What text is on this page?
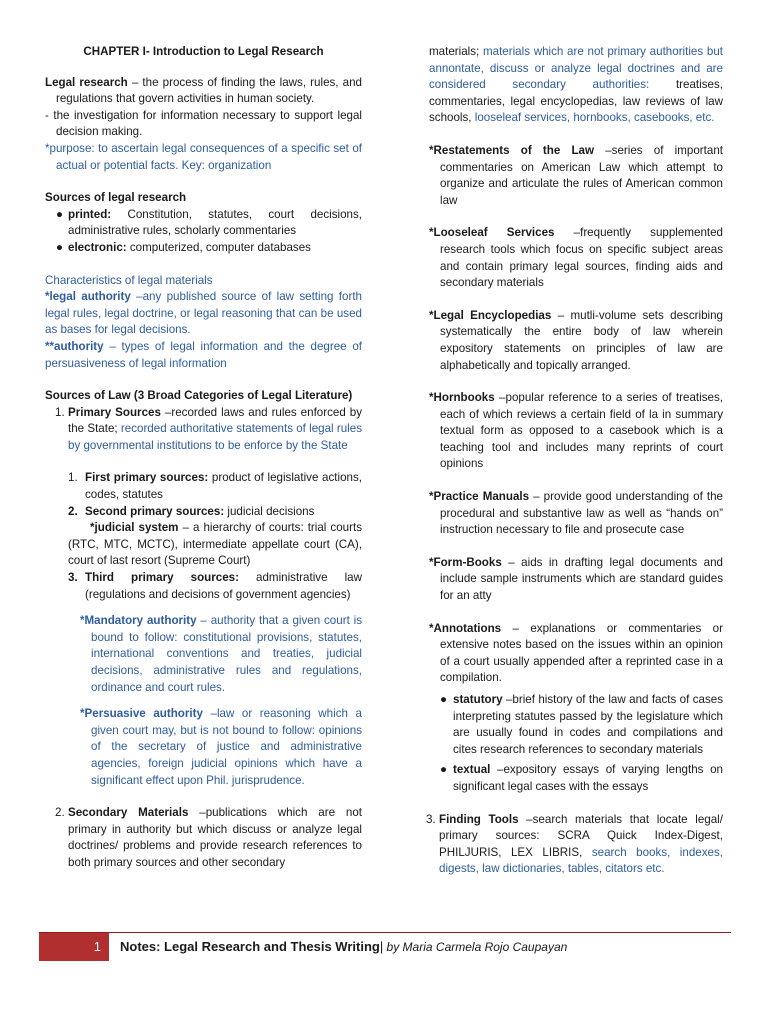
CHAPTER I- Introduction to Legal Research

Legal research – the process of finding the laws, rules, and regulations that govern activities in human society.

- the investigation for information necessary to support legal decision making.

*purpose: to ascertain legal consequences of a specific set of actual or potential facts. Key: organization

Sources of legal research

● printed: Constitution, statutes, court decisions, administrative rules, scholarly commentaries
● electronic: computerized, computer databases

Characteristics of legal materials

*legal authority –any published source of law setting forth legal rules, legal doctrine, or legal reasoning that can be used as bases for legal decisions.

**authority – types of legal information and the degree of persuasiveness of legal information

Sources of Law (3 Broad Categories of Legal Literature)

1. Primary Sources –recorded laws and rules enforced by the State; recorded authoritative statements of legal rules by governmental institutions to be enforce by the State
1. First primary sources: product of legislative actions, codes, statutes
2. Second primary sources: judicial decisions

*judicial system – a hierarchy of courts: trial courts (RTC, MTC, MCTC), intermediate appellate court (CA), court of last resort (Supreme Court)

3. Third primary sources: administrative law (regulations and decisions of government agencies)

*Mandatory authority – authority that a given court is bound to follow: constitutional provisions, statutes, international conventions and treaties, judicial decisions, administrative rules and regulations, ordinance and court rules.

*Persuasive authority –law or reasoning which a given court may, but is not bound to follow: opinions of the secretary of justice and administrative agencies, foreign judicial opinions which have a significant effect upon Phil. jurisprudence.

2. Secondary Materials –publications which are not primary in authority but which discuss or analyze legal doctrines/ problems and provide research references to both primary sources and other secondary

materials; materials which are not primary authorities but annontate, discuss or analyze legal doctrines and are considered secondary authorities: treatises, commentaries, legal encyclopedias, law reviews of law schools, looseleaf services, hornbooks, casebooks, etc.

*Restatements of the Law –series of important commentaries on American Law which attempt to organize and articulate the rules of American common law

*Looseleaf Services –frequently supplemented research tools which focus on specific subject areas and contain primary legal sources, finding aids and secondary materials

*Legal Encyclopedias – mutli-volume sets describing systematically the entire body of law wherein expository statements on principles of law are alphabetically and topically arranged.

*Hornbooks –popular reference to a series of treatises, each of which reviews a certain field of la in summary textual form as opposed to a casebook which is a teaching tool and includes many reprints of court opinions

*Practice Manuals – provide good understanding of the procedural and substantive law as well as “hands on” instruction necessary to file and prosecute case

*Form-Books – aids in drafting legal documents and include sample instruments which are standard guides for an atty

*Annotations – explanations or commentaries or extensive notes based on the issues within an opinion of a court usually appended after a reprinted case in a compilation.

● statutory –brief history of the law and facts of cases interpreting statutes passed by the legislature which are usually found in codes and compilations and cites research references to secondary materials
● textual –expository essays of varying lengths on significant legal cases with the essays
3. Finding Tools –search materials that locate legal/ primary sources: SCRA Quick Index-Digest, PHILJURIS, LEX LIBRIS, search books, indexes, digests, law dictionaries, tables, citators etc.
1 Notes: Legal Research and Thesis Writing| by Maria Carmela Rojo Caupayan
